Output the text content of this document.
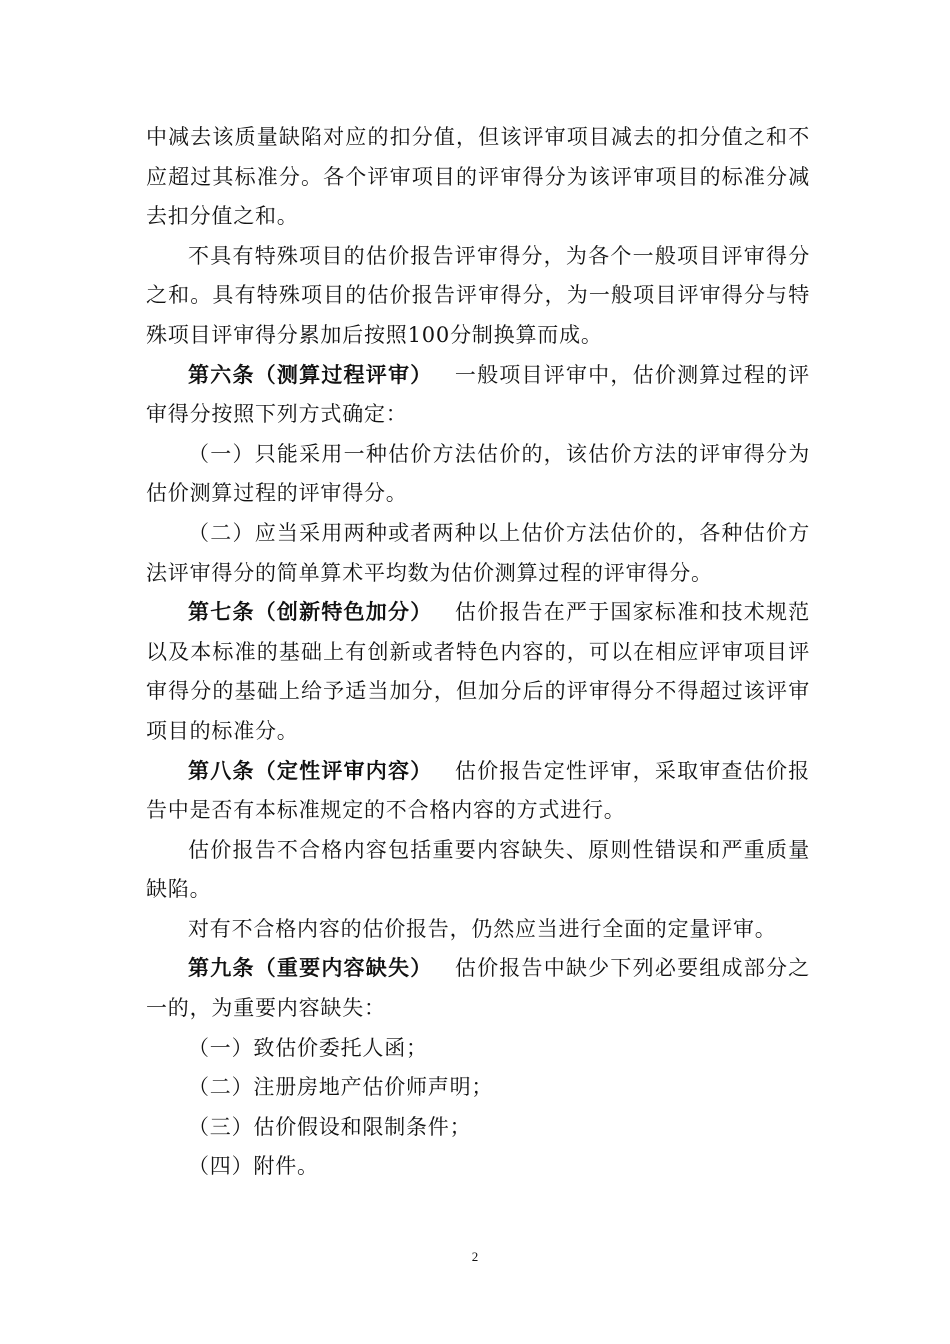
中减去该质量缺陷对应的扣分值，但该评审项目减去的扣分值之和不应超过其标准分。各个评审项目的评审得分为该评审项目的标准分减去扣分值之和。

不具有特殊项目的估价报告评审得分，为各个一般项目评审得分之和。具有特殊项目的估价报告评审得分，为一般项目评审得分与特殊项目评审得分累加后按照100分制换算而成。

第六条（测算过程评审） 一般项目评审中，估价测算过程的评审得分按照下列方式确定：

（一）只能采用一种估价方法估价的，该估价方法的评审得分为估价测算过程的评审得分。

（二）应当采用两种或者两种以上估价方法估价的，各种估价方法评审得分的简单算术平均数为估价测算过程的评审得分。

第七条（创新特色加分） 估价报告在严于国家标准和技术规范以及本标准的基础上有创新或者特色内容的，可以在相应评审项目评审得分的基础上给予适当加分，但加分后的评审得分不得超过该评审项目的标准分。

第八条（定性评审内容） 估价报告定性评审，采取审查估价报告中是否有本标准规定的不合格内容的方式进行。

估价报告不合格内容包括重要内容缺失、原则性错误和严重质量缺陷。

对有不合格内容的估价报告，仍然应当进行全面的定量评审。

第九条（重要内容缺失） 估价报告中缺少下列必要组成部分之一的，为重要内容缺失：

（一）致估价委托人函；

（二）注册房地产估价师声明；

（三）估价假设和限制条件；

（四）附件。

2
